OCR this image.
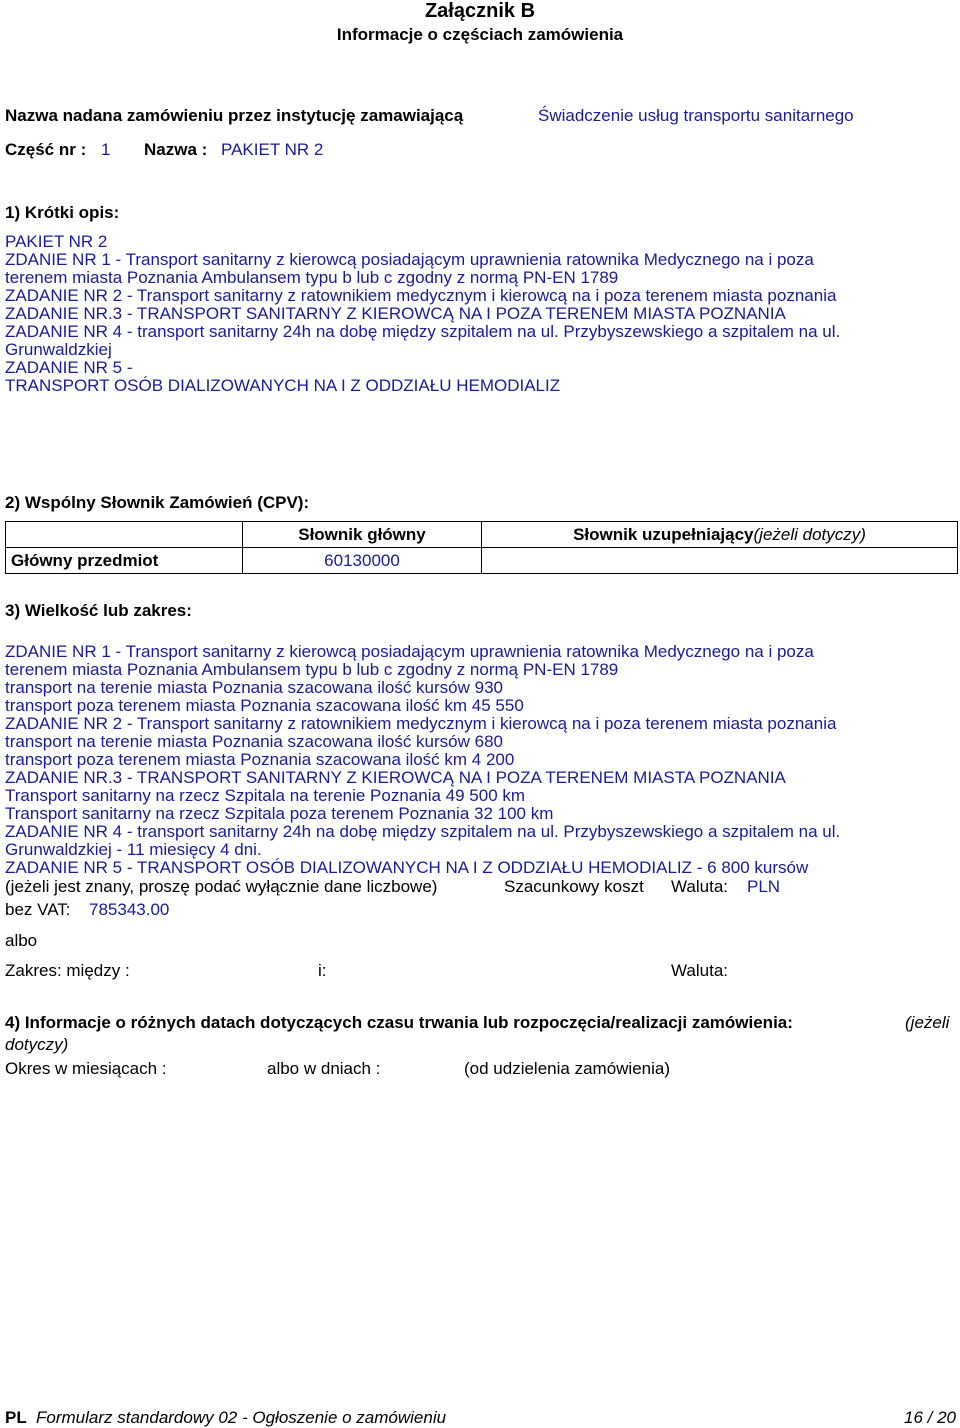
Załącznik B
Informacje o częściach zamówienia
Nazwa nadana zamówieniu przez instytucję zamawiającą	Świadczenie usług transportu sanitarnego
Część nr : 1 Nazwa : PAKIET NR 2
1) Krótki opis:
PAKIET NR 2
ZDANIE NR 1 - Transport sanitarny z kierowcą posiadającym uprawnienia ratownika Medycznego na i poza
terenem miasta Poznania Ambulansem typu b lub c zgodny z normą PN-EN 1789
ZADANIE NR 2 - Transport sanitarny z ratownikiem medycznym i kierowcą na i poza terenem miasta poznania
ZADANIE NR.3 - TRANSPORT SANITARNY Z KIEROWCĄ NA I POZA TERENEM MIASTA POZNANIA
ZADANIE NR 4 - transport sanitarny 24h na dobę między szpitalem na ul. Przybyszewskiego a szpitalem na ul.
Grunwaldzkiej
ZADANIE NR 5 -
TRANSPORT OSÓB DIALIZOWANYCH NA I Z ODDZIAŁU HEMODIALIZ
2) Wspólny Słownik Zamówień (CPV):
	Słownik główny	Słownik uzupełniający(jeżeli dotyczy)
Główny przedmiot	60130000	
3) Wielkość lub zakres:
ZDANIE NR 1 - Transport sanitarny z kierowcą posiadającym uprawnienia ratownika Medycznego na i poza
terenem miasta Poznania Ambulansem typu b lub c zgodny z normą PN-EN 1789
transport na terenie miasta Poznania szacowana ilość kursów 930
transport poza terenem miasta Poznania szacowana ilość km 45 550
ZADANIE NR 2 - Transport sanitarny z ratownikiem medycznym i kierowcą na i poza terenem miasta poznania
transport na terenie miasta Poznania szacowana ilość kursów 680
transport poza terenem miasta Poznania szacowana ilość km 4 200
ZADANIE NR.3 - TRANSPORT SANITARNY Z KIEROWCĄ NA I POZA TERENEM MIASTA POZNANIA
Transport sanitarny na rzecz Szpitala na terenie Poznania 49 500 km
Transport sanitarny na rzecz Szpitala poza terenem Poznania 32 100 km
ZADANIE NR 4 - transport sanitarny 24h na dobę między szpitalem na ul. Przybyszewskiego a szpitalem na ul.
Grunwaldzkiej - 11 miesięcy 4 dni.
ZADANIE NR 5 - TRANSPORT OSÓB DIALIZOWANYCH NA I Z ODDZIAŁU HEMODIALIZ - 6 800 kursów
(jeżeli jest znany, proszę podać wyłącznie dane liczbowe)	Szacunkowy koszt Waluta: PLN
bez VAT: 785343.00
albo
Zakres: między :	i:	Waluta:
4) Informacje o różnych datach dotyczących czasu trwania lub rozpoczęcia/realizacji zamówienia:	(jeżeli
dotyczy)
Okres w miesiącach :	albo w dniach :	(od udzielenia zamówienia)
PL Formularz standardowy 02 - Ogłoszenie o zamówieniu	16 / 20
